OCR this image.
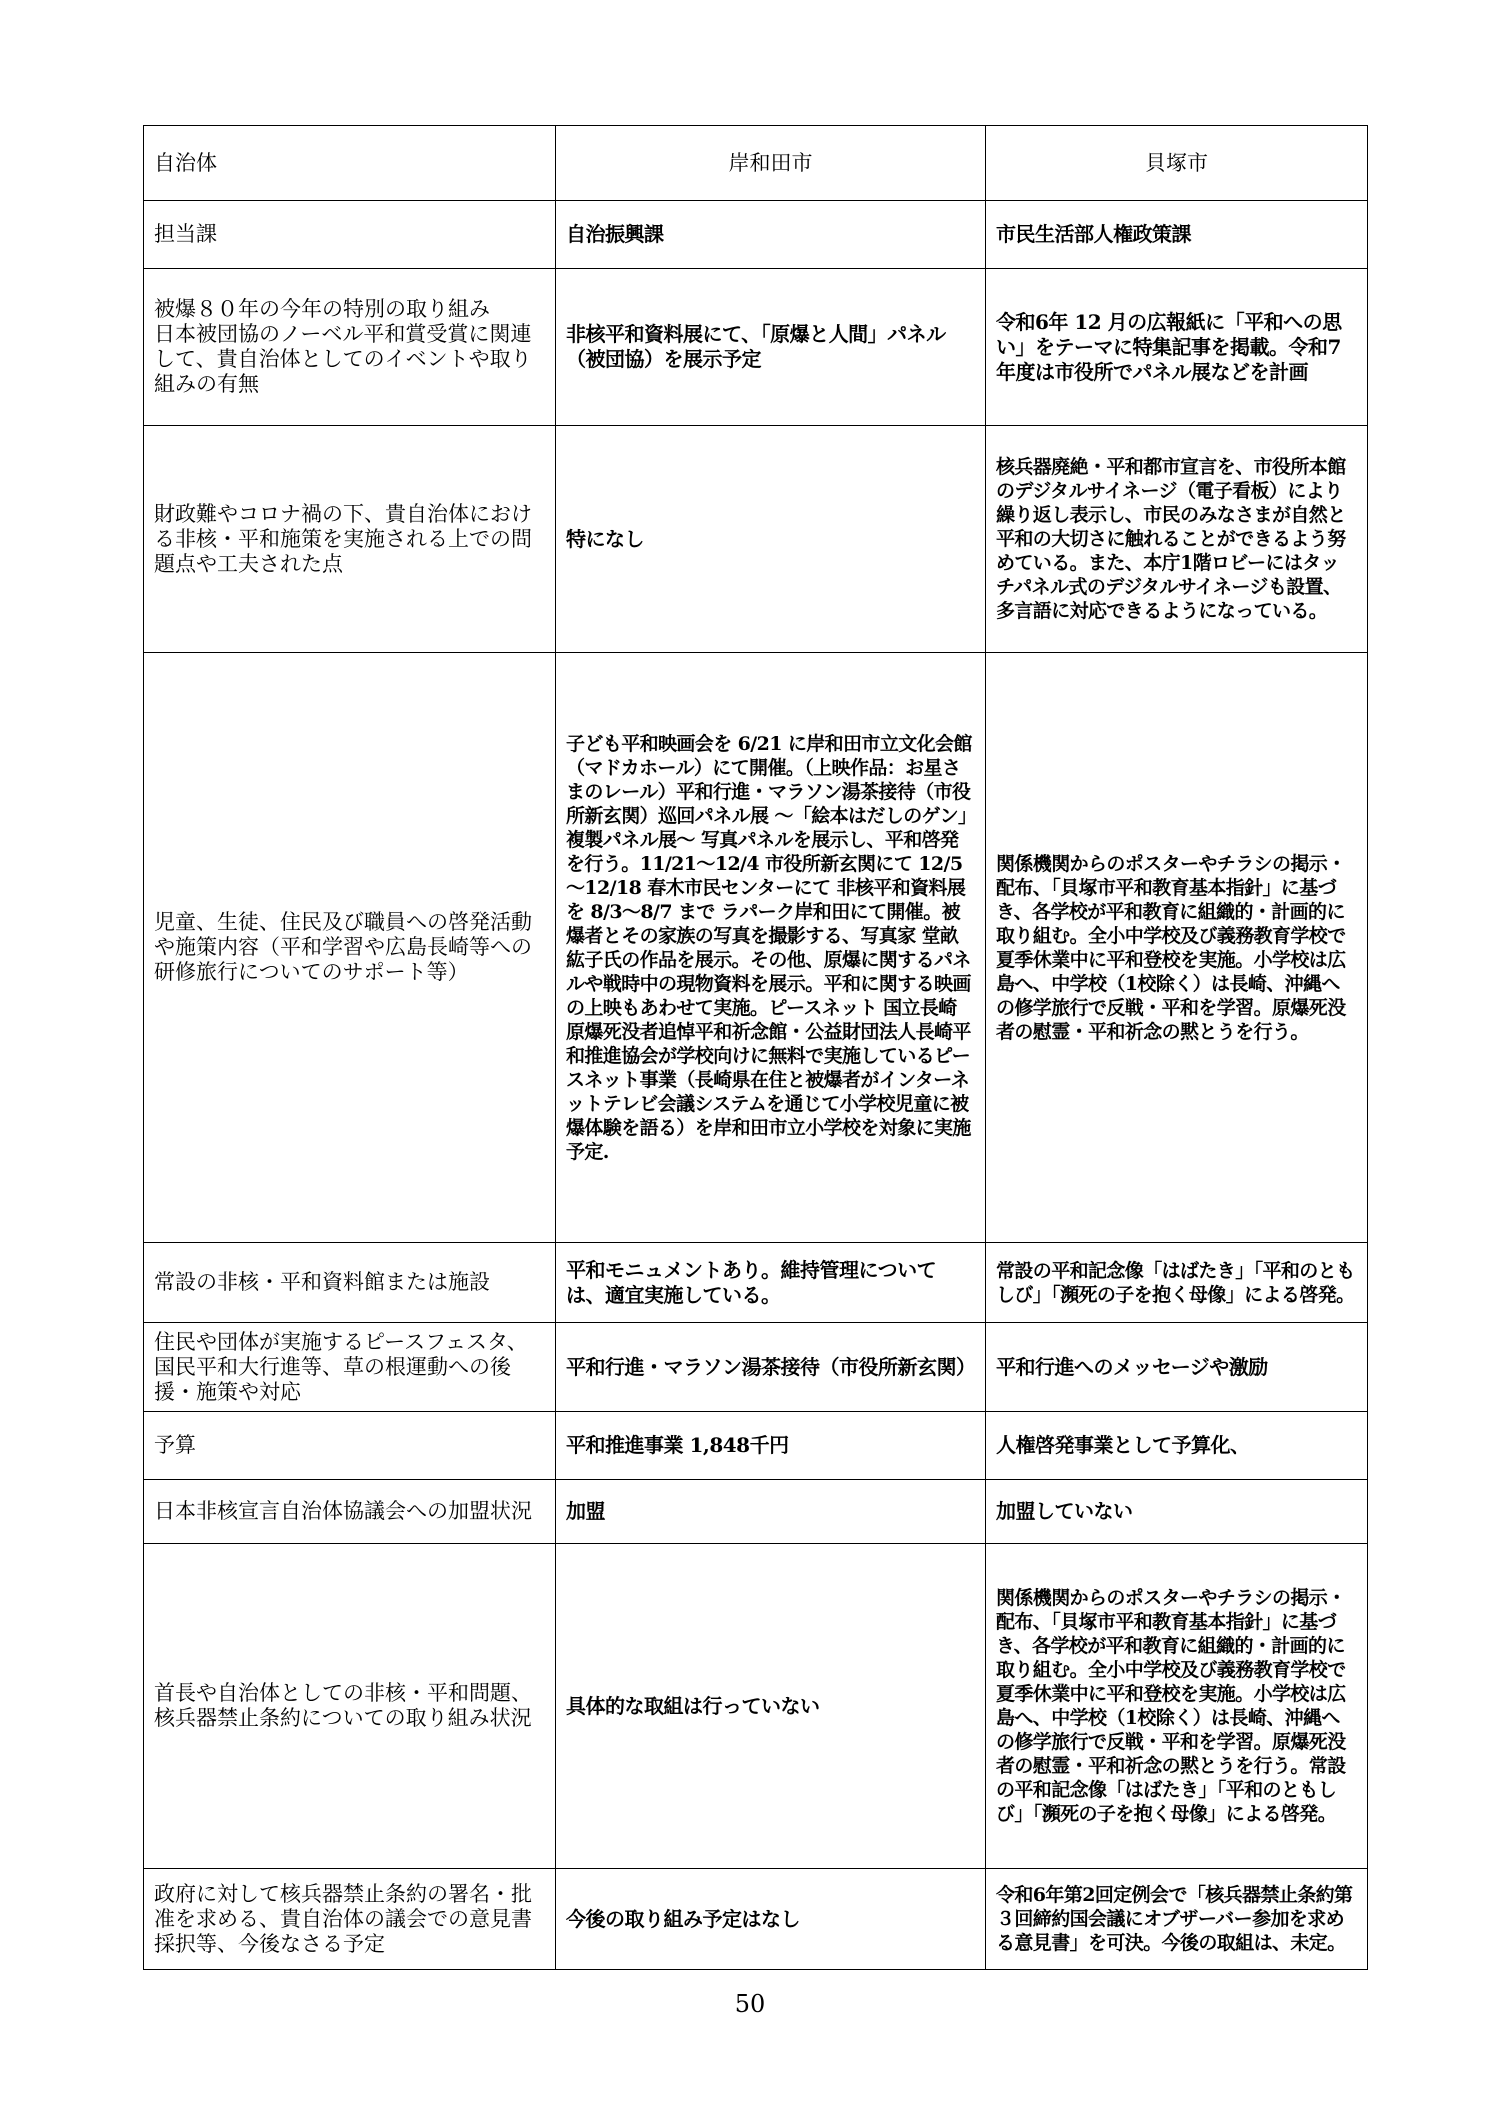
自治体	岸和田市	貝塚市

担当課	自治振興課	市民生活部人権政策課

被爆８０年の今年の特別の取り組み
日本被団協のノーベル平和賞受賞に関連して、貴自治体としてのイベントや取り組みの有無	非核平和資料展にて、「原爆と人間」パネル（被団協）を展示予定	令和6年 12 月の広報紙に「平和への思い」をテーマに特集記事を掲載。令和7年度は市役所でパネル展などを計画

財政難やコロナ禍の下、貴自治体における非核・平和施策を実施される上での問題点や工夫された点	特になし	核兵器廃絶・平和都市宣言を、市役所本館のデジタルサイネージ（電子看板）により繰り返し表示し、市民のみなさまが自然と平和の大切さに触れることができるよう努めている。また、本庁1階ロビーにはタッチパネル式のデジタルサイネージも設置、多言語に対応できるようになっている。

児童、生徒、住民及び職員への啓発活動や施策内容（平和学習や広島長崎等への研修旅行についてのサポート等）	子ども平和映画会を 6/21 に岸和田市立文化会館（マドカホール）にて開催。（上映作品：お星さまのレール）平和行進・マラソン湯茶接待（市役所新玄関）巡回パネル展 ～「絵本はだしのゲン」複製パネル展～ 写真パネルを展示し、平和啓発を行う。11/21～12/4 市役所新玄関にて 12/5～12/18 春木市民センターにて 非核平和資料展を 8/3～8/7 まで ラパーク岸和田にて開催。被爆者とその家族の写真を撮影する、写真家 堂畝紘子氏の作品を展示。その他、原爆に関するパネルや戦時中の現物資料を展示。平和に関する映画の上映もあわせて実施。ピースネット 国立長崎原爆死没者追悼平和祈念館・公益財団法人長崎平和推進協会が学校向けに無料で実施しているピースネット事業（長崎県在住と被爆者がインターネットテレビ会議システムを通じて小学校児童に被爆体験を語る）を岸和田市立小学校を対象に実施予定.	関係機関からのポスターやチラシの掲示・配布、「貝塚市平和教育基本指針」に基づき、各学校が平和教育に組織的・計画的に取り組む。全小中学校及び義務教育学校で夏季休業中に平和登校を実施。小学校は広島へ、中学校（1校除く）は長崎、沖縄への修学旅行で反戦・平和を学習。原爆死没者の慰霊・平和祈念の黙とうを行う。

常設の非核・平和資料館または施設	平和モニュメントあり。維持管理については、適宜実施している。	常設の平和記念像「はばたき」「平和のともしび」「瀕死の子を抱く母像」による啓発。

住民や団体が実施するピースフェスタ、国民平和大行進等、草の根運動への後援・施策や対応	平和行進・マラソン湯茶接待（市役所新玄関）	平和行進へのメッセージや激励

予算	平和推進事業 1,848千円	人権啓発事業として予算化、

日本非核宣言自治体協議会への加盟状況	加盟	加盟していない

首長や自治体としての非核・平和問題、核兵器禁止条約についての取り組み状況	具体的な取組は行っていない	関係機関からのポスターやチラシの掲示・配布、「貝塚市平和教育基本指針」に基づき、各学校が平和教育に組織的・計画的に取り組む。全小中学校及び義務教育学校で夏季休業中に平和登校を実施。小学校は広島へ、中学校（1校除く）は長崎、沖縄への修学旅行で反戦・平和を学習。原爆死没者の慰霊・平和祈念の黙とうを行う。常設の平和記念像「はばたき」「平和のともしび」「瀕死の子を抱く母像」による啓発。

政府に対して核兵器禁止条約の署名・批准を求める、貴自治体の議会での意見書採択等、今後なさる予定	今後の取り組み予定はなし	令和6年第2回定例会で「核兵器禁止条約第３回締約国会議にオブザーバー参加を求める意見書」を可決。今後の取組は、未定。
50
